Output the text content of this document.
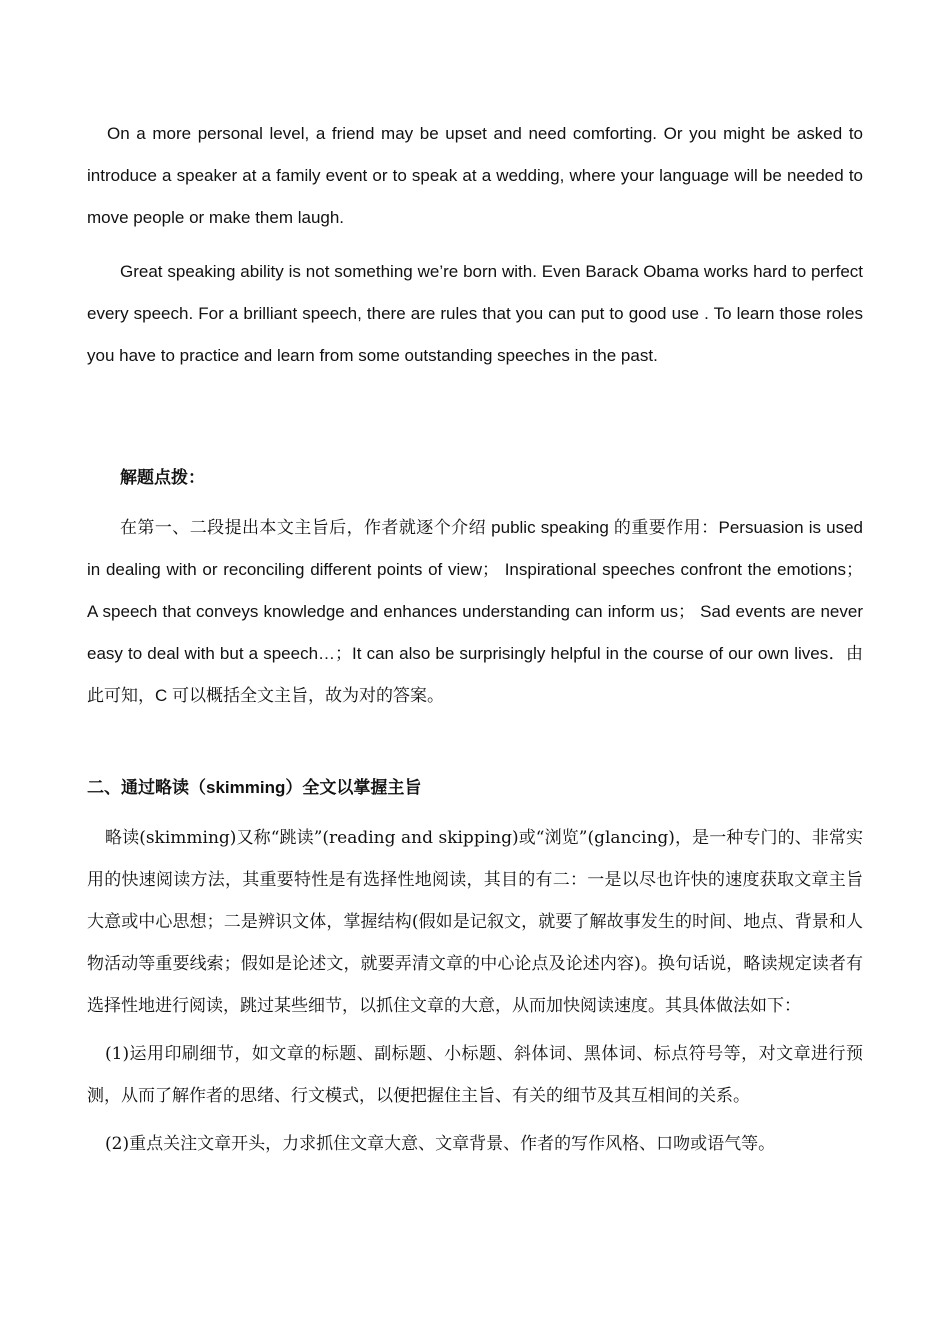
On a more personal level, a friend may be upset and need comforting. Or you might be asked to introduce a speaker at a family event or to speak at a wedding, where your language will be needed to move people or make them laugh.

Great speaking ability is not something we’re born with. Even Barack Obama works hard to perfect every speech. For a brilliant speech, there are rules that you can put to good use . To learn those roles you have to practice and learn from some outstanding speeches in the past.

解题点拨：

在第一、二段提出本文主旨后，作者就逐个介绍 public speaking 的重要作用：Persuasion is used in dealing with or reconciling different points of view； Inspirational speeches confront the emotions； A speech that conveys knowledge and enhances understanding can inform us； Sad events are never easy to deal with but a speech…；It can also be surprisingly helpful in the course of our own lives．由此可知，C 可以概括全文主旨，故为对的答案。

二、通过略读（skimming）全文以掌握主旨

略读(skimming)又称“跳读”(reading and skipping)或“浏览”(glancing)，是一种专门的、非常实用的快速阅读方法，其重要特性是有选择性地阅读，其目的有二：一是以尽也许快的速度获取文章主旨大意或中心思想；二是辨识文体，掌握结构(假如是记叙文，就要了解故事发生的时间、地点、背景和人物活动等重要线索；假如是论述文，就要弄清文章的中心论点及论述内容)。换句话说，略读规定读者有选择性地进行阅读，跳过某些细节，以抓住文章的大意，从而加快阅读速度。其具体做法如下：

(1)运用印刷细节，如文章的标题、副标题、小标题、斜体词、黑体词、标点符号等，对文章进行预测，从而了解作者的思绪、行文模式，以便把握住主旨、有关的细节及其互相间的关系。

(2)重点关注文章开头，力求抓住文章大意、文章背景、作者的写作风格、口吻或语气等。
